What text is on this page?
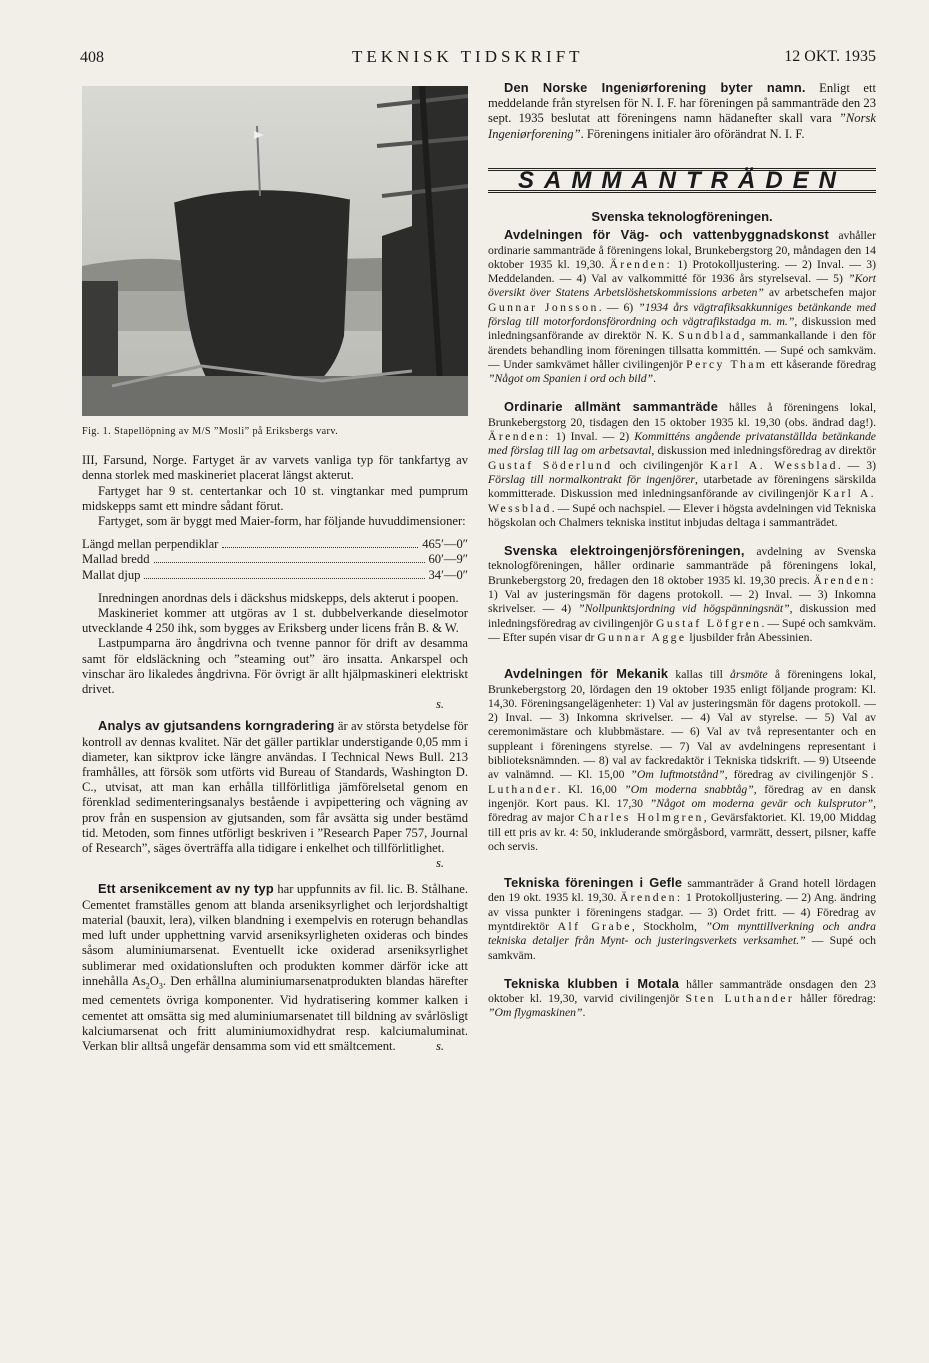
408	TEKNISK TIDSKRIFT	12 OKT. 1935
Fig. 1. Stapellöpning av M/S ”Mosli” på Eriksbergs varv.

III, Farsund, Norge. Fartyget är av varvets vanliga typ för tankfartyg av denna storlek med maskineriet placerat längst akterut.

Fartyget har 9 st. centertankar och 10 st. vingtankar med pumprum midskepps samt ett mindre sådant förut.

Fartyget, som är byggt med Maier-form, har följande huvuddimensioner:

Längd mellan perpendiklar	465′—0″
Mallad bredd	60′—9″
Mallat djup	34′—0″

Inredningen anordnas dels i däckshus midskepps, dels akterut i poopen.

Maskineriet kommer att utgöras av 1 st. dubbelverkande dieselmotor utvecklande 4 250 ihk, som bygges av Eriksberg under licens från B. & W.

Lastpumparna äro ångdrivna och tvenne pannor för drift av desamma samt för eldsläckning och ”steaming out” äro insatta. Ankarspel och vinschar äro likaledes ångdrivna. För övrigt är allt hjälpmaskineri elektriskt drivet.

s.

Analys av gjutsandens korngradering är av största betydelse för kontroll av dennas kvalitet. När det gäller partiklar understigande 0,05 mm i diameter, kan siktprov icke längre användas. I Technical News Bull. 213 framhålles, att försök som utförts vid Bureau of Standards, Washington D. C., utvisat, att man kan erhålla tillförlitliga jämförelsetal genom en förenklad sedimenteringsanalys bestående i avpipettering och vägning av prov från en suspension av gjutsanden, som får avsätta sig under bestämd tid. Metoden, som finnes utförligt beskriven i ”Research Paper 757, Journal of Research”, säges överträffa alla tidigare i enkelhet och tillförlitlighet.

s.

Ett arsenikcement av ny typ har uppfunnits av fil. lic. B. Stålhane. Cementet framställes genom att blanda arseniksyrlighet och lerjordshaltigt material (bauxit, lera), vilken blandning i exempelvis en roterugn behandlas med luft under upphettning varvid arseniksyrligheten oxideras och bindes såsom aluminiumarsenat. Eventuellt icke oxiderad arseniksyrlighet sublimerar med oxidationsluften och produkten kommer därför icke att innehålla $As_2O_3$. Den erhållna aluminiumarsenatprodukten blandas härefter med cementets övriga komponenter. Vid hydratisering kommer kalken i cementet att omsätta sig med aluminiumarsenatet till bildning av svårlösligt kalciumarsenat och fritt aluminiumoxidhydrat resp. kalciumaluminat. Verkan blir alltså ungefär densamma som vid ett smältcement.	s.

Den Norske Ingeniørforening byter namn. Enligt ett meddelande från styrelsen för N. I. F. har föreningen på sammanträde den 23 sept. 1935 beslutat att föreningens namn hädanefter skall vara ”Norsk Ingeniørforening”. Föreningens initialer äro oförändrat N. I. F.

SAMMANTRÄDEN
Svenska teknologföreningen.

Avdelningen för Väg- och vattenbyggnadskonst avhåller ordinarie sammanträde å föreningens lokal, Brunkebergstorg 20, måndagen den 14 oktober 1935 kl. 19,30. Ärenden: 1) Protokolljustering. — 2) Inval. — 3) Meddelanden. — 4) Val av valkommitté för 1936 års styrelseval. — 5) ”Kort översikt över Statens Arbetslöshetskommissions arbeten” av arbetschefen major Gunnar Jonsson. — 6) ”1934 års vägtrafiksakkunniges betänkande med förslag till motorfordonsförordning och vägtrafikstadga m. m.”, diskussion med inledningsanförande av direktör N. K. Sundblad, sammankallande i den för ärendets behandling inom föreningen tillsatta kommittén. — Supé och samkväm. — Under samkvämet håller civilingenjör Percy Tham ett kåserande föredrag ”Något om Spanien i ord och bild”.

Ordinarie allmänt sammanträde hålles å föreningens lokal, Brunkebergstorg 20, tisdagen den 15 oktober 1935 kl. 19,30 (obs. ändrad dag!). Ärenden: 1) Inval. — 2) Kommitténs angående privatanställda betänkande med förslag till lag om arbetsavtal, diskussion med inledningsföredrag av direktör Gustaf Söderlund och civilingenjör Karl A. Wessblad. — 3) Förslag till normalkontrakt för ingenjörer, utarbetade av föreningens särskilda kommitterade. Diskussion med inledningsanförande av civilingenjör Karl A. Wessblad. — Supé och nachspiel. — Elever i högsta avdelningen vid Tekniska högskolan och Chalmers tekniska institut inbjudas deltaga i sammanträdet.

Svenska elektroingenjörsföreningen, avdelning av Svenska teknologföreningen, håller ordinarie sammanträde på föreningens lokal, Brunkebergstorg 20, fredagen den 18 oktober 1935 kl. 19,30 precis. Ärenden: 1) Val av justeringsmän för dagens protokoll. — 2) Inval. — 3) Inkomna skrivelser. — 4) ”Nollpunktsjordning vid högspänningsnät”, diskussion med inledningsföredrag av civilingenjör Gustaf Löfgren. — Supé och samkväm. — Efter supén visar dr Gunnar Agge ljusbilder från Abessinien.

Avdelningen för Mekanik kallas till årsmöte å föreningens lokal, Brunkebergstorg 20, lördagen den 19 oktober 1935 enligt följande program: Kl. 14,30. Föreningsangelägenheter: 1) Val av justeringsmän för dagens protokoll. — 2) Inval. — 3) Inkomna skrivelser. — 4) Val av styrelse. — 5) Val av ceremonimästare och klubbmästare. — 6) Val av två representanter och en suppleant i föreningens styrelse. — 7) Val av avdelningens representant i biblioteksnämnden. — 8) val av fackredaktör i Tekniska tidskrift. — 9) Utseende av valnämnd. — Kl. 15,00 ”Om luftmotstånd”, föredrag av civilingenjör S. Luthander. Kl. 16,00 ”Om moderna snabbtåg”, föredrag av en dansk ingenjör. Kort paus. Kl. 17,30 ”Något om moderna gevär och kulsprutor”, föredrag av major Charles Holmgren, Gevärsfaktoriet. Kl. 19,00 Middag till ett pris av kr. 4: 50, inkluderande smörgåsbord, varmrätt, dessert, pilsner, kaffe och servis.

Tekniska föreningen i Gefle sammanträder å Grand hotell lördagen den 19 okt. 1935 kl. 19,30. Ärenden: 1 Protokolljustering. — 2) Ang. ändring av vissa punkter i föreningens stadgar. — 3) Ordet fritt. — 4) Föredrag av myntdirektör Alf Grabe, Stockholm, ”Om mynttillverkning och andra tekniska detaljer från Mynt- och justeringsverkets verksamhet.” — Supé och samkväm.

Tekniska klubben i Motala håller sammanträde onsdagen den 23 oktober kl. 19,30, varvid civilingenjör Sten Luthander håller föredrag: ”Om flygmaskinen”.
